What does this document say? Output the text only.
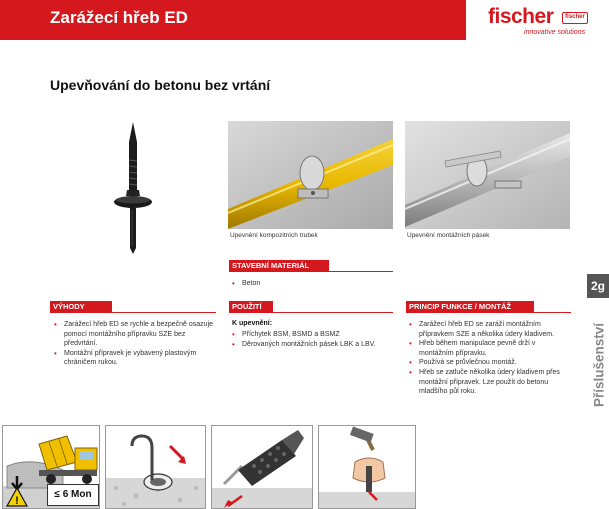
Zarážecí hřeb ED	fischer	fischer
innovative solutions
Upevňování do betonu bez vrtání
Upevnění kompozitních trubek	Upevnění montážních pásek
STAVEBNÍ MATERIÁL
• Beton
VÝHODY
• Zarážecí hřeb ED se rychle a bezpečně osazuje pomocí montážního přípravku SZE bez předvrtání.
• Montážní přípravek je vybavený plastovým chráničem rukou.
POUŽITÍ
K upevnění:
• Příchytek BSM, BSMD a BSMZ
• Děrovaných montážních pásek LBK a LBV.
PRINCIP FUNKCE / MONTÁŽ
• Zarážecí hřeb ED se zaráží montážním přípravkem SZE a několika údery kladivem.
• Hřeb během manipulace pevně drží v montážním přípravku.
• Používá se průvlečnou montáž.
• Hřeb se zatluče několika údery kladivem přes montážní přípravek. Lze použít do betonu mladšího půl roku.
2g
Příslušenství
!
≤ 6 Mon
